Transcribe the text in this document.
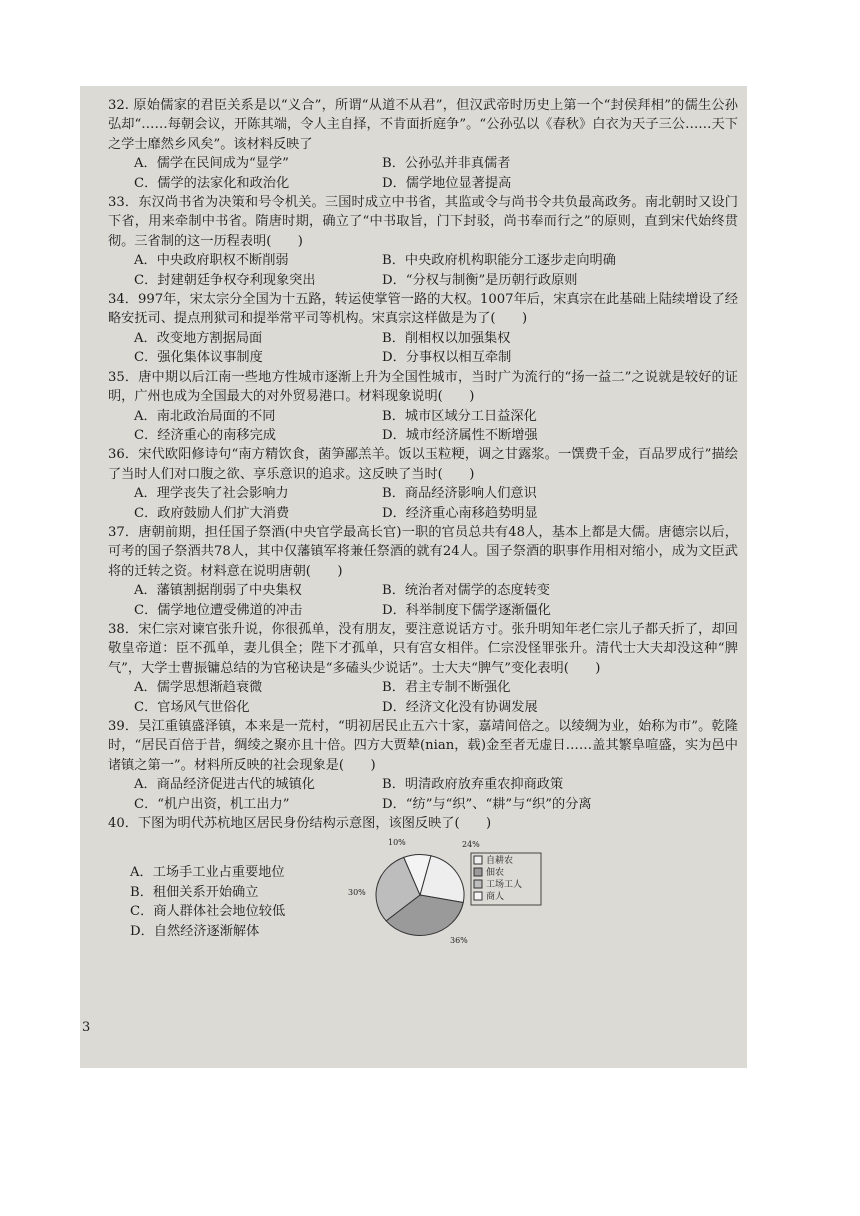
32. 原始儒家的君臣关系是以“义合”，所谓“从道不从君”，但汉武帝时历史上第一个“封侯拜相”的儒生公孙弘却“……每朝会议，开陈其端，令人主自择，不肯面折庭争”。“公孙弘以《春秋》白衣为天子三公……天下之学士靡然乡风矣”。该材料反映了

A．儒学在民间成为“显学”	B．公孙弘并非真儒者
C．儒学的法家化和政治化	D．儒学地位显著提高

33．东汉尚书省为决策和号令机关。三国时成立中书省，其监或令与尚书令共负最高政务。南北朝时又设门下省，用来牵制中书省。隋唐时期，确立了“中书取旨，门下封驳，尚书奉而行之”的原则，直到宋代始终贯彻。三省制的这一历程表明(　　)

A．中央政府职权不断削弱	B．中央政府机构职能分工逐步走向明确
C．封建朝廷争权夺利现象突出	D．“分权与制衡”是历朝行政原则

34．997年，宋太宗分全国为十五路，转运使掌管一路的大权。1007年后，宋真宗在此基础上陆续增设了经略安抚司、提点刑狱司和提举常平司等机构。宋真宗这样做是为了(　　)

A．改变地方割据局面	B．削相权以加强集权
C．强化集体议事制度	D．分事权以相互牵制

35．唐中期以后江南一些地方性城市逐渐上升为全国性城市，当时广为流行的“扬一益二”之说就是较好的证明，广州也成为全国最大的对外贸易港口。材料现象说明(　　)

A．南北政治局面的不同	B．城市区域分工日益深化
C．经济重心的南移完成	D．城市经济属性不断增强

36．宋代欧阳修诗句“南方精饮食，菌笋鄙羔羊。饭以玉粒粳，调之甘露浆。一馔费千金，百品罗成行”描绘了当时人们对口腹之欲、享乐意识的追求。这反映了当时(　　)

A．理学丧失了社会影响力	B．商品经济影响人们意识
C．政府鼓励人们扩大消费	D．经济重心南移趋势明显

37．唐朝前期，担任国子祭酒(中央官学最高长官)一职的官员总共有48人，基本上都是大儒。唐德宗以后，可考的国子祭酒共78人，其中仅藩镇军将兼任祭酒的就有24人。国子祭酒的职事作用相对缩小，成为文臣武将的迁转之资。材料意在说明唐朝(　　)

A．藩镇割据削弱了中央集权	B．统治者对儒学的态度转变
C．儒学地位遭受佛道的冲击	D．科举制度下儒学逐渐僵化

38．宋仁宗对谏官张升说，你很孤单，没有朋友，要注意说话方寸。张升明知年老仁宗儿子都夭折了，却回敬皇帝道：臣不孤单，妻儿俱全；陛下才孤单，只有宫女相伴。仁宗没怪罪张升。清代士大夫却没这种“脾气”，大学士曹振镛总结的为官秘诀是“多磕头少说话”。士大夫“脾气”变化表明(　　)

A．儒学思想渐趋衰微	B．君主专制不断强化
C．官场风气世俗化	D．经济文化没有协调发展

39．吴江重镇盛泽镇，本来是一荒村，“明初居民止五六十家，嘉靖间倍之。以绫绸为业，始称为市”。乾隆时，“居民百倍于昔，绸绫之聚亦且十倍。四方大贾辇(nian，载)金至者无虚日……盖其繁阜喧盛，实为邑中诸镇之第一”。材料所反映的社会现象是(　　)

A．商品经济促进古代的城镇化	B．明清政府放弃重农抑商政策
C．“机户出资，机工出力”	D．“纺”与“织”、“耕”与“织”的分离

40．下图为明代苏杭地区居民身份结构示意图，该图反映了(　　)

A．工场手工业占重要地位
B．租佃关系开始确立
C．商人群体社会地位较低
D．自然经济逐渐解体
24%
36%
30%
10%
自耕农
佃农
工场工人
商人
3
